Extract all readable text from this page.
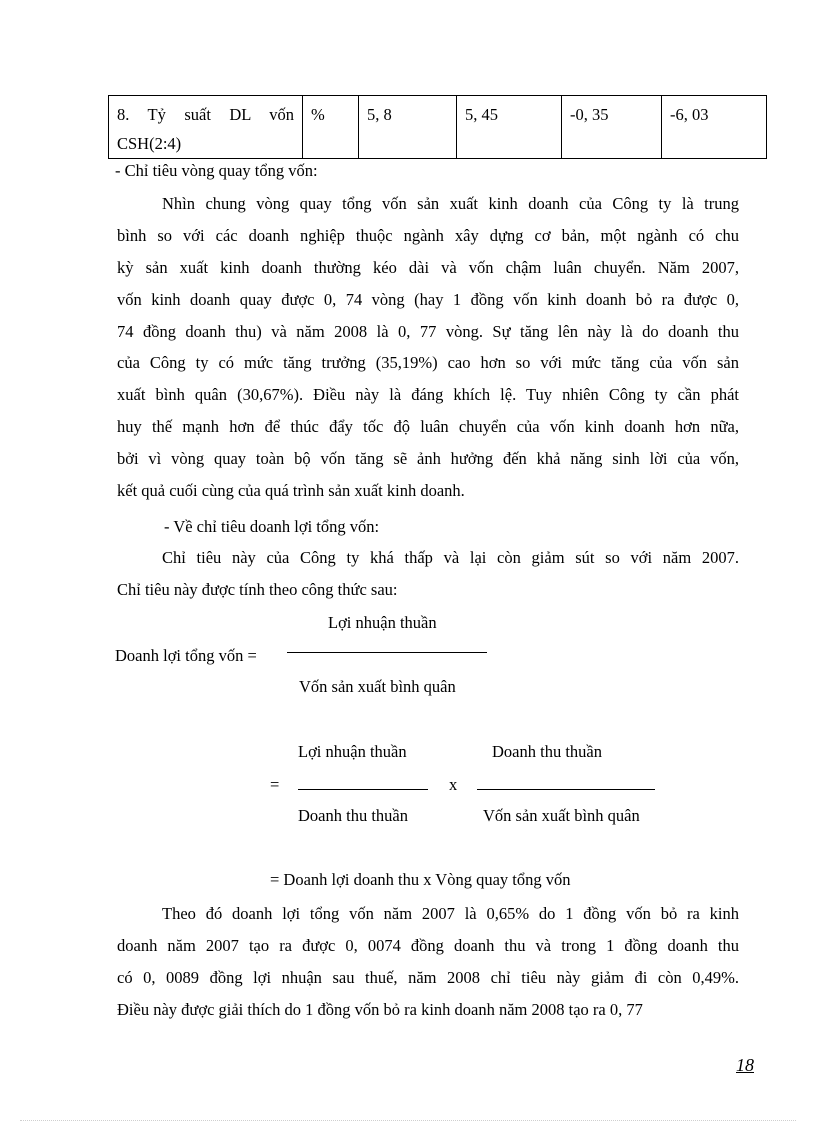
8. Tỷ suất DL vốn
CSH(2:4)
%	5, 8	5, 45	-0, 35	-6, 03
- Chỉ tiêu vòng quay tổng vốn:
Nhìn chung vòng quay tổng vốn sản xuất kinh doanh của Công ty là trung
bình so với các doanh nghiệp thuộc ngành xây dựng cơ bản, một ngành có chu
kỳ sản xuất kinh doanh thường kéo dài và vốn chậm luân chuyển. Năm 2007,
vốn kinh doanh quay được 0, 74 vòng (hay 1 đồng vốn kinh doanh bỏ ra được 0,
74 đồng doanh thu) và năm 2008 là 0, 77 vòng. Sự tăng lên này là do doanh thu
của Công ty có mức tăng trưởng (35,19%) cao hơn so với mức tăng của vốn sản
xuất bình quân (30,67%). Điều này là đáng khích lệ. Tuy nhiên Công ty cần phát
huy thế mạnh hơn để thúc đẩy tốc độ luân chuyển của vốn kinh doanh hơn nữa,
bởi vì vòng quay toàn bộ vốn tăng sẽ ảnh hưởng đến khả năng sinh lời của vốn,
kết quả cuối cùng của quá trình sản xuất kinh doanh.
- Về chỉ tiêu doanh lợi tổng vốn:
Chỉ tiêu này của Công ty khá thấp và lại còn giảm sút so với năm 2007.
Chỉ tiêu này được tính theo công thức sau:
Lợi nhuận thuần
Doanh lợi tổng vốn =
Vốn sản xuất bình quân
Lợi nhuận thuần	Doanh thu thuần
=	x
Doanh thu thuần	Vốn sản xuất bình quân
= Doanh lợi doanh thu x Vòng quay tổng vốn
Theo đó doanh lợi tổng vốn năm 2007 là 0,65% do 1 đồng vốn bỏ ra kinh
doanh năm 2007 tạo ra được 0, 0074 đồng doanh thu và trong 1 đồng doanh thu
có 0, 0089 đồng lợi nhuận sau thuế, năm 2008 chỉ tiêu này giảm đi còn 0,49%.
Điều này được giải thích do 1 đồng vốn bỏ ra kinh doanh năm 2008 tạo ra 0, 77
18
